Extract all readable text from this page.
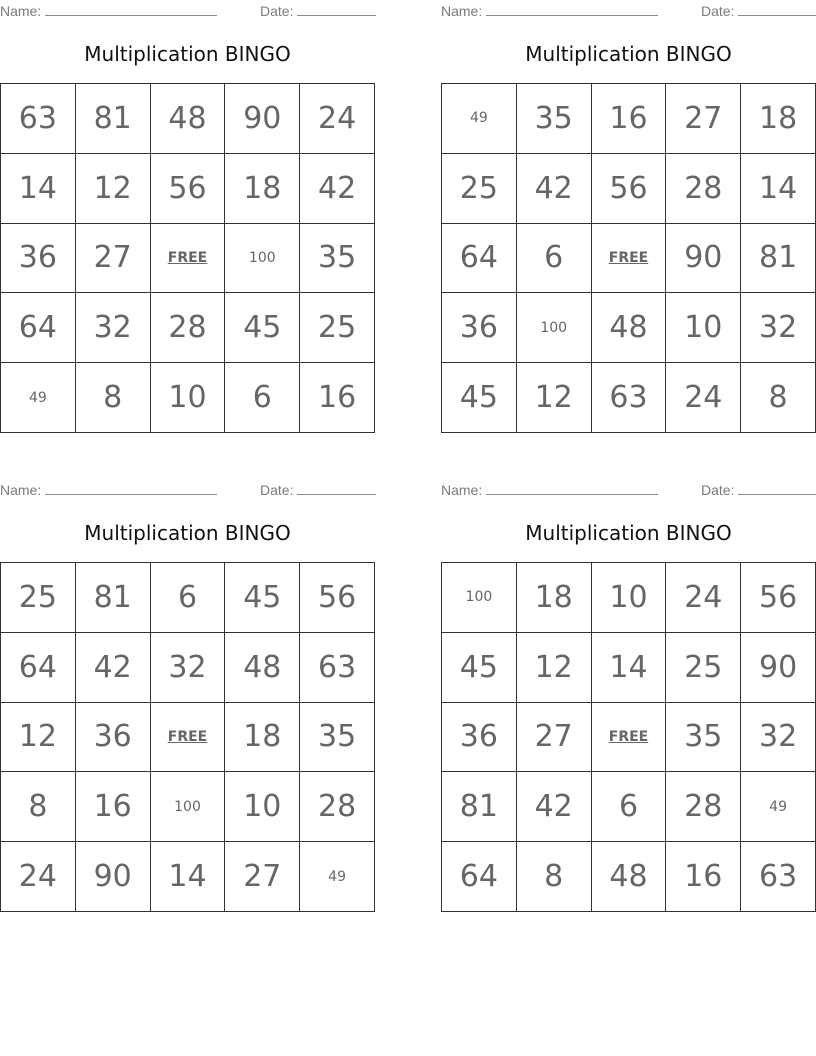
Name:	Date:
Multiplication BINGO
63	81	48	90	24
14	12	56	18	42
36	27	FREE	100	35
64	32	28	45	25
49	8	10	6	16
Name:	Date:
Multiplication BINGO
49	35	16	27	18
25	42	56	28	14
64	6	FREE	90	81
36	100	48	10	32
45	12	63	24	8
Name:	Date:
Multiplication BINGO
25	81	6	45	56
64	42	32	48	63
12	36	FREE	18	35
8	16	100	10	28
24	90	14	27	49
Name:	Date:
Multiplication BINGO
100	18	10	24	56
45	12	14	25	90
36	27	FREE	35	32
81	42	6	28	49
64	8	48	16	63
